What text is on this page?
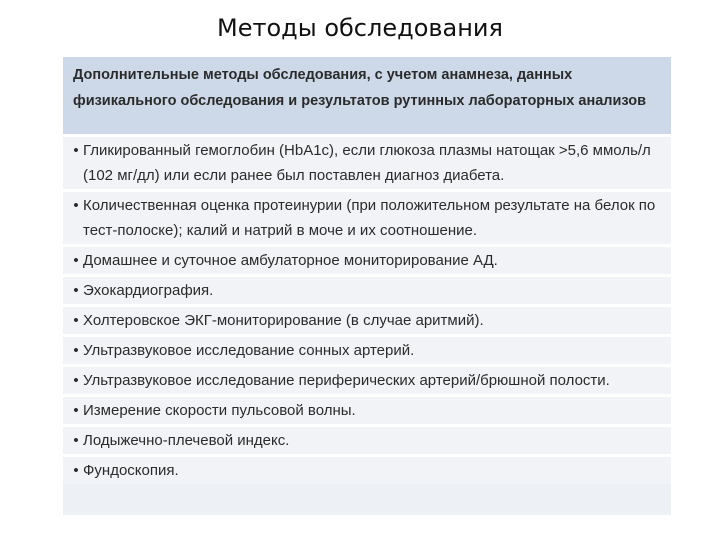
Методы обследования
Дополнительные методы обследования, с учетом анамнеза, данных физикального обследования и результатов рутинных лабораторных анализов
• Гликированный гемоглобин (HbA1c), если глюкоза плазмы натощак >5,6 ммоль/л (102 мг/дл) или если ранее был поставлен диагноз диабета.
• Количественная оценка протеинурии (при положительном результате на белок по тест-полоске); калий и натрий в моче и их соотношение.
• Домашнее и суточное амбулаторное мониторирование АД.
• Эхокардиография.
• Холтеровское ЭКГ-мониторирование (в случае аритмий).
• Ультразвуковое исследование сонных артерий.
• Ультразвуковое исследование периферических артерий/брюшной полости.
• Измерение скорости пульсовой волны.
• Лодыжечно-плечевой индекс.
• Фундоскопия.
